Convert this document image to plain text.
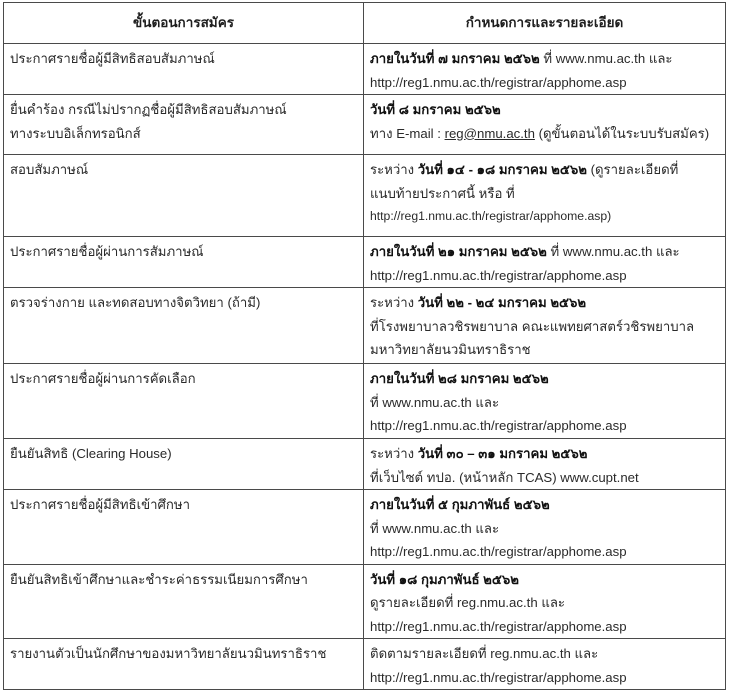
ขั้นตอนการสมัคร	กำหนดการและรายละเอียด

ประกาศรายชื่อผู้มีสิทธิสอบสัมภาษณ์	ภายในวันที่ ๗ มกราคม ๒๕๖๒ ที่ www.nmu.ac.th และ
http://reg1.nmu.ac.th/registrar/apphome.asp

ยื่นคำร้อง กรณีไม่ปรากฏชื่อผู้มีสิทธิสอบสัมภาษณ์
ทางระบบอิเล็กทรอนิกส์	วันที่ ๘ มกราคม ๒๕๖๒
ทาง E-mail : reg@nmu.ac.th (ดูขั้นตอนได้ในระบบรับสมัคร)

สอบสัมภาษณ์	ระหว่าง วันที่ ๑๔ - ๑๘ มกราคม ๒๕๖๒ (ดูรายละเอียดที่
แนบท้ายประกาศนี้ หรือ ที่
http://reg1.nmu.ac.th/registrar/apphome.asp)

ประกาศรายชื่อผู้ผ่านการสัมภาษณ์	ภายในวันที่ ๒๑ มกราคม ๒๕๖๒ ที่ www.nmu.ac.th และ
http://reg1.nmu.ac.th/registrar/apphome.asp

ตรวจร่างกาย และทดสอบทางจิตวิทยา (ถ้ามี)	ระหว่าง วันที่ ๒๒ - ๒๔ มกราคม ๒๕๖๒
ที่โรงพยาบาลวชิรพยาบาล คณะแพทยศาสตร์วชิรพยาบาล
มหาวิทยาลัยนวมินทราธิราช

ประกาศรายชื่อผู้ผ่านการคัดเลือก	ภายในวันที่ ๒๘ มกราคม ๒๕๖๒
ที่ www.nmu.ac.th และ
http://reg1.nmu.ac.th/registrar/apphome.asp

ยืนยันสิทธิ (Clearing House)	ระหว่าง วันที่ ๓๐ – ๓๑ มกราคม ๒๕๖๒
ที่เว็บไซต์ ทปอ. (หน้าหลัก TCAS) www.cupt.net

ประกาศรายชื่อผู้มีสิทธิเข้าศึกษา	ภายในวันที่ ๕ กุมภาพันธ์ ๒๕๖๒
ที่ www.nmu.ac.th และ
http://reg1.nmu.ac.th/registrar/apphome.asp

ยืนยันสิทธิเข้าศึกษาและชำระค่าธรรมเนียมการศึกษา	วันที่ ๑๘ กุมภาพันธ์ ๒๕๖๒
ดูรายละเอียดที่ reg.nmu.ac.th และ
http://reg1.nmu.ac.th/registrar/apphome.asp

รายงานตัวเป็นนักศึกษาของมหาวิทยาลัยนวมินทราธิราช	ติดตามรายละเอียดที่ reg.nmu.ac.th และ
http://reg1.nmu.ac.th/registrar/apphome.asp
